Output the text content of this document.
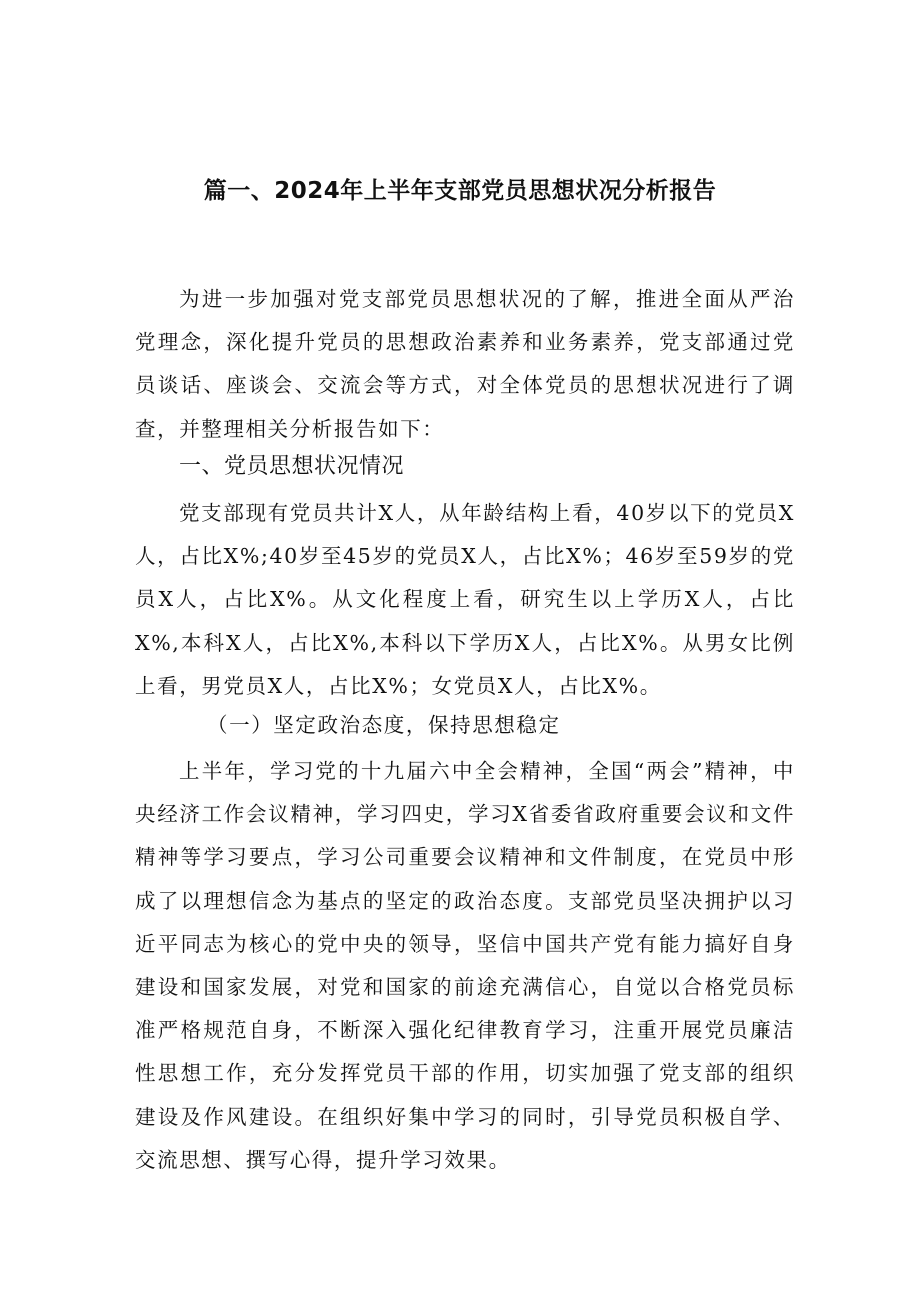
篇一、2024年上半年支部党员思想状况分析报告

为进一步加强对党支部党员思想状况的了解，推进全面从严治党理念，深化提升党员的思想政治素养和业务素养，党支部通过党员谈话、座谈会、交流会等方式，对全体党员的思想状况进行了调查，并整理相关分析报告如下：

一、党员思想状况情况

党支部现有党员共计X人，从年龄结构上看，40岁以下的党员X人，占比X%;40岁至45岁的党员X人，占比X%；46岁至59岁的党员X人，占比X%。从文化程度上看，研究生以上学历X人，占比X%,本科X人，占比X%,本科以下学历X人，占比X%。从男女比例上看，男党员X人，占比X%；女党员X人，占比X%。

（一）坚定政治态度，保持思想稳定

上半年，学习党的十九届六中全会精神，全国“两会”精神，中央经济工作会议精神，学习四史，学习X省委省政府重要会议和文件精神等学习要点，学习公司重要会议精神和文件制度，在党员中形成了以理想信念为基点的坚定的政治态度。支部党员坚决拥护以习近平同志为核心的党中央的领导，坚信中国共产党有能力搞好自身建设和国家发展，对党和国家的前途充满信心，自觉以合格党员标准严格规范自身，不断深入强化纪律教育学习，注重开展党员廉洁性思想工作，充分发挥党员干部的作用，切实加强了党支部的组织建设及作风建设。在组织好集中学习的同时，引导党员积极自学、交流思想、撰写心得，提升学习效果。
